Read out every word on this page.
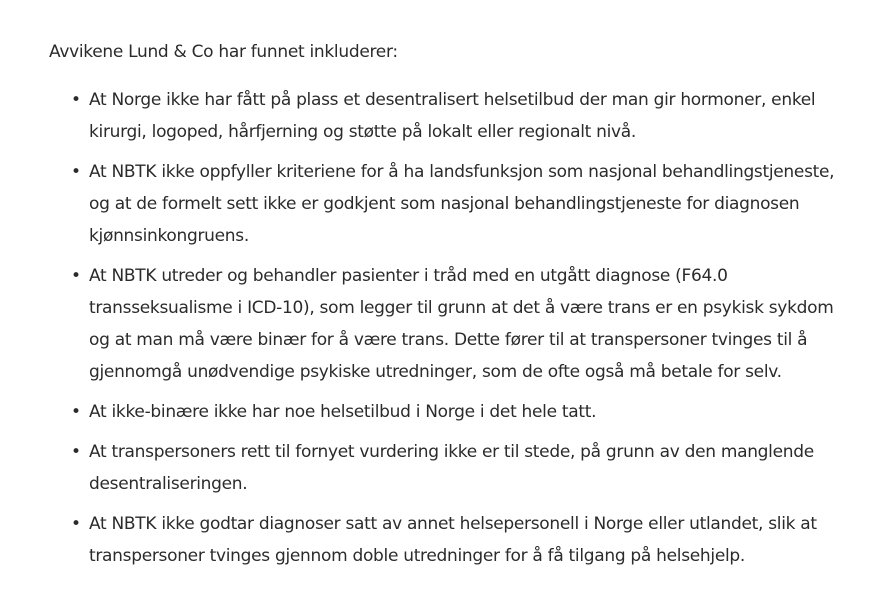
Avvikene Lund & Co har funnet inkluderer:

• At Norge ikke har fått på plass et desentralisert helsetilbud der man gir hormoner, enkel kirurgi, logoped, hårfjerning og støtte på lokalt eller regionalt nivå.
• At NBTK ikke oppfyller kriteriene for å ha landsfunksjon som nasjonal behandlingstjeneste, og at de formelt sett ikke er godkjent som nasjonal behandlingstjeneste for diagnosen kjønnsinkongruens.
• At NBTK utreder og behandler pasienter i tråd med en utgått diagnose (F64.0 transseksualisme i ICD-10), som legger til grunn at det å være trans er en psykisk sykdom og at man må være binær for å være trans. Dette fører til at transpersoner tvinges til å gjennomgå unødvendige psykiske utredninger, som de ofte også må betale for selv.
• At ikke-binære ikke har noe helsetilbud i Norge i det hele tatt.
• At transpersoners rett til fornyet vurdering ikke er til stede, på grunn av den manglende desentraliseringen.
• At NBTK ikke godtar diagnoser satt av annet helsepersonell i Norge eller utlandet, slik at transpersoner tvinges gjennom doble utredninger for å få tilgang på helsehjelp.
